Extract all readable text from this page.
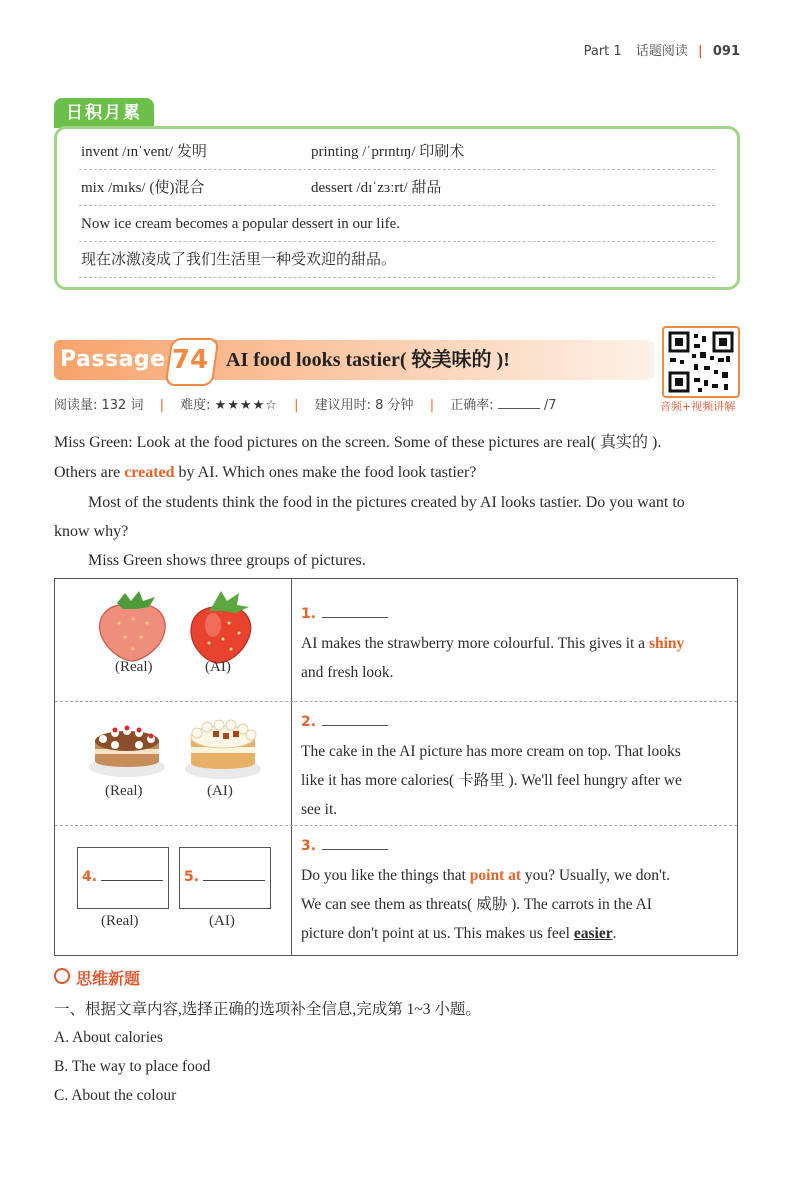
Part 1 话题阅读 | 091
日积月累
invent /ɪnˈvent/ 发明	printing /ˈprɪntɪŋ/ 印刷术
mix /mɪks/ (使)混合	dessert /dɪˈzɜːrt/ 甜品
Now ice cream becomes a popular dessert in our life.
现在冰激凌成了我们生活里一种受欢迎的甜品。
Passage 74 AI food looks tastier( 较美味的 )!
音频+视频讲解
阅读量: 132 词 | 难度: ★★★★☆ | 建议用时: 8 分钟 | 正确率:	/7
Miss Green: Look at the food pictures on the screen. Some of these pictures are real( 真实的 ).
Others are created by AI. Which ones make the food look tastier?
Most of the students think the food in the pictures created by AI looks tastier. Do you want to
know why?
Miss Green shows three groups of pictures.
(Real)	(AI)
1.
AI makes the strawberry more colourful. This gives it a shiny
and fresh look.
(Real)	(AI)
2.
The cake in the AI picture has more cream on top. That looks
like it has more calories( 卡路里 ). We'll feel hungry after we
see it.
4.	5.
(Real)	(AI)
3.
Do you like the things that point at you? Usually, we don't.
We can see them as threats( 威胁 ). The carrots in the AI
picture don't point at us. This makes us feel easier.
思维新题
一、根据文章内容,选择正确的选项补全信息,完成第 1~3 小题。
A. About calories
B. The way to place food
C. About the colour
